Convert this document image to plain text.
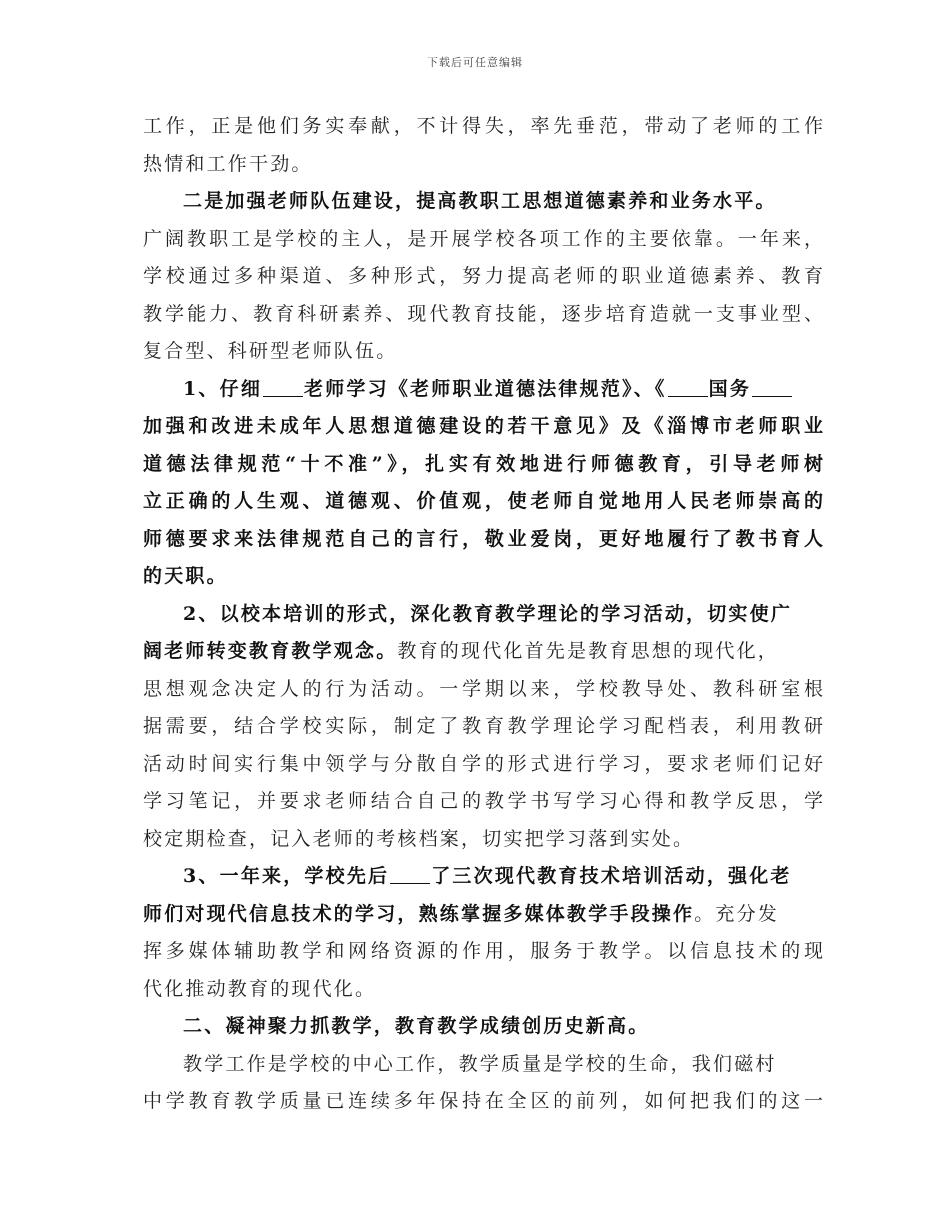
下载后可任意编辑
工作，正是他们务实奉献，不计得失，率先垂范，带动了老师的工作
热情和工作干劲。
二是加强老师队伍建设，提高教职工思想道德素养和业务水平。
广阔教职工是学校的主人，是开展学校各项工作的主要依靠。一年来，
学校通过多种渠道、多种形式，努力提高老师的职业道德素养、教育
教学能力、教育科研素养、现代教育技能，逐步培育造就一支事业型、
复合型、科研型老师队伍。
1、仔细 老师学习《老师职业道德法律规范》、《 国务
加强和改进未成年人思想道德建设的若干意见》及《淄博市老师职业
道德法律规范“十不准”》，扎实有效地进行师德教育，引导老师树
立正确的人生观、道德观、价值观，使老师自觉地用人民老师崇高的
师德要求来法律规范自己的言行，敬业爱岗，更好地履行了教书育人
的天职。
2、以校本培训的形式，深化教育教学理论的学习活动，切实使广
阔老师转变教育教学观念。教育的现代化首先是教育思想的现代化，
思想观念决定人的行为活动。一学期以来，学校教导处、教科研室根
据需要，结合学校实际，制定了教育教学理论学习配档表，利用教研
活动时间实行集中领学与分散自学的形式进行学习，要求老师们记好
学习笔记，并要求老师结合自己的教学书写学习心得和教学反思，学
校定期检查，记入老师的考核档案，切实把学习落到实处。
3、一年来，学校先后 了三次现代教育技术培训活动，强化老
师们对现代信息技术的学习，熟练掌握多媒体教学手段操作。充分发
挥多媒体辅助教学和网络资源的作用，服务于教学。以信息技术的现
代化推动教育的现代化。
二、凝神聚力抓教学，教育教学成绩创历史新高。
教学工作是学校的中心工作，教学质量是学校的生命，我们磁村
中学教育教学质量已连续多年保持在全区的前列，如何把我们的这一
